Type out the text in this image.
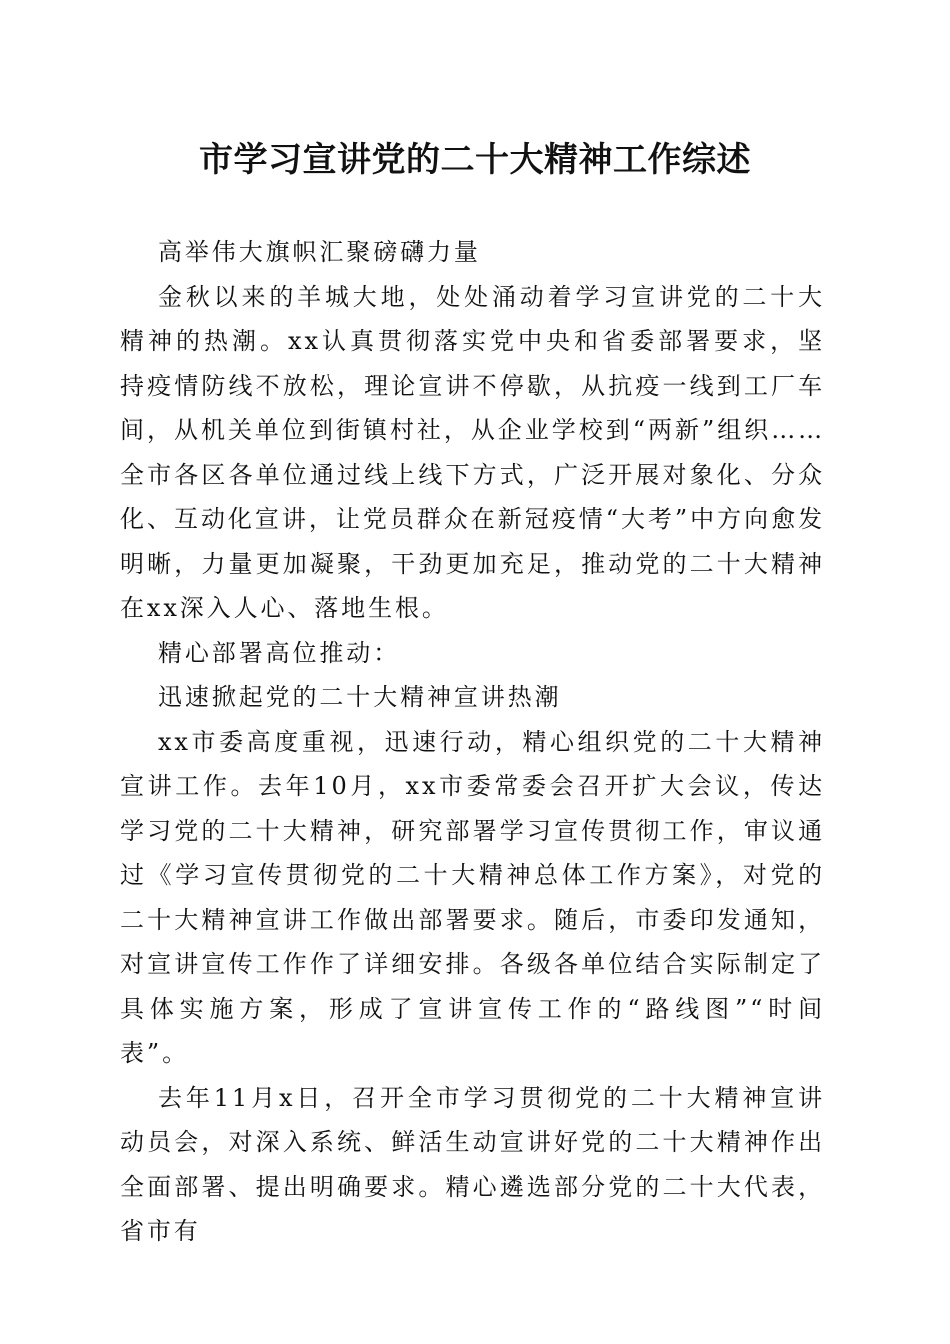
市学习宣讲党的二十大精神工作综述

高举伟大旗帜汇聚磅礴力量

金秋以来的羊城大地，处处涌动着学习宣讲党的二十大精神的热潮。xx认真贯彻落实党中央和省委部署要求，坚持疫情防线不放松，理论宣讲不停歇，从抗疫一线到工厂车间，从机关单位到街镇村社，从企业学校到“两新”组织……全市各区各单位通过线上线下方式，广泛开展对象化、分众化、互动化宣讲，让党员群众在新冠疫情“大考”中方向愈发明晰，力量更加凝聚，干劲更加充足，推动党的二十大精神在xx深入人心、落地生根。

精心部署高位推动：

迅速掀起党的二十大精神宣讲热潮

xx市委高度重视，迅速行动，精心组织党的二十大精神宣讲工作。去年10月，xx市委常委会召开扩大会议，传达学习党的二十大精神，研究部署学习宣传贯彻工作，审议通过《学习宣传贯彻党的二十大精神总体工作方案》，对党的二十大精神宣讲工作做出部署要求。随后，市委印发通知，对宣讲宣传工作作了详细安排。各级各单位结合实际制定了具体实施方案，形成了宣讲宣传工作的“路线图”“时间表”。

去年11月x日，召开全市学习贯彻党的二十大精神宣讲动员会，对深入系统、鲜活生动宣讲好党的二十大精神作出全面部署、提出明确要求。精心遴选部分党的二十大代表，省市有
